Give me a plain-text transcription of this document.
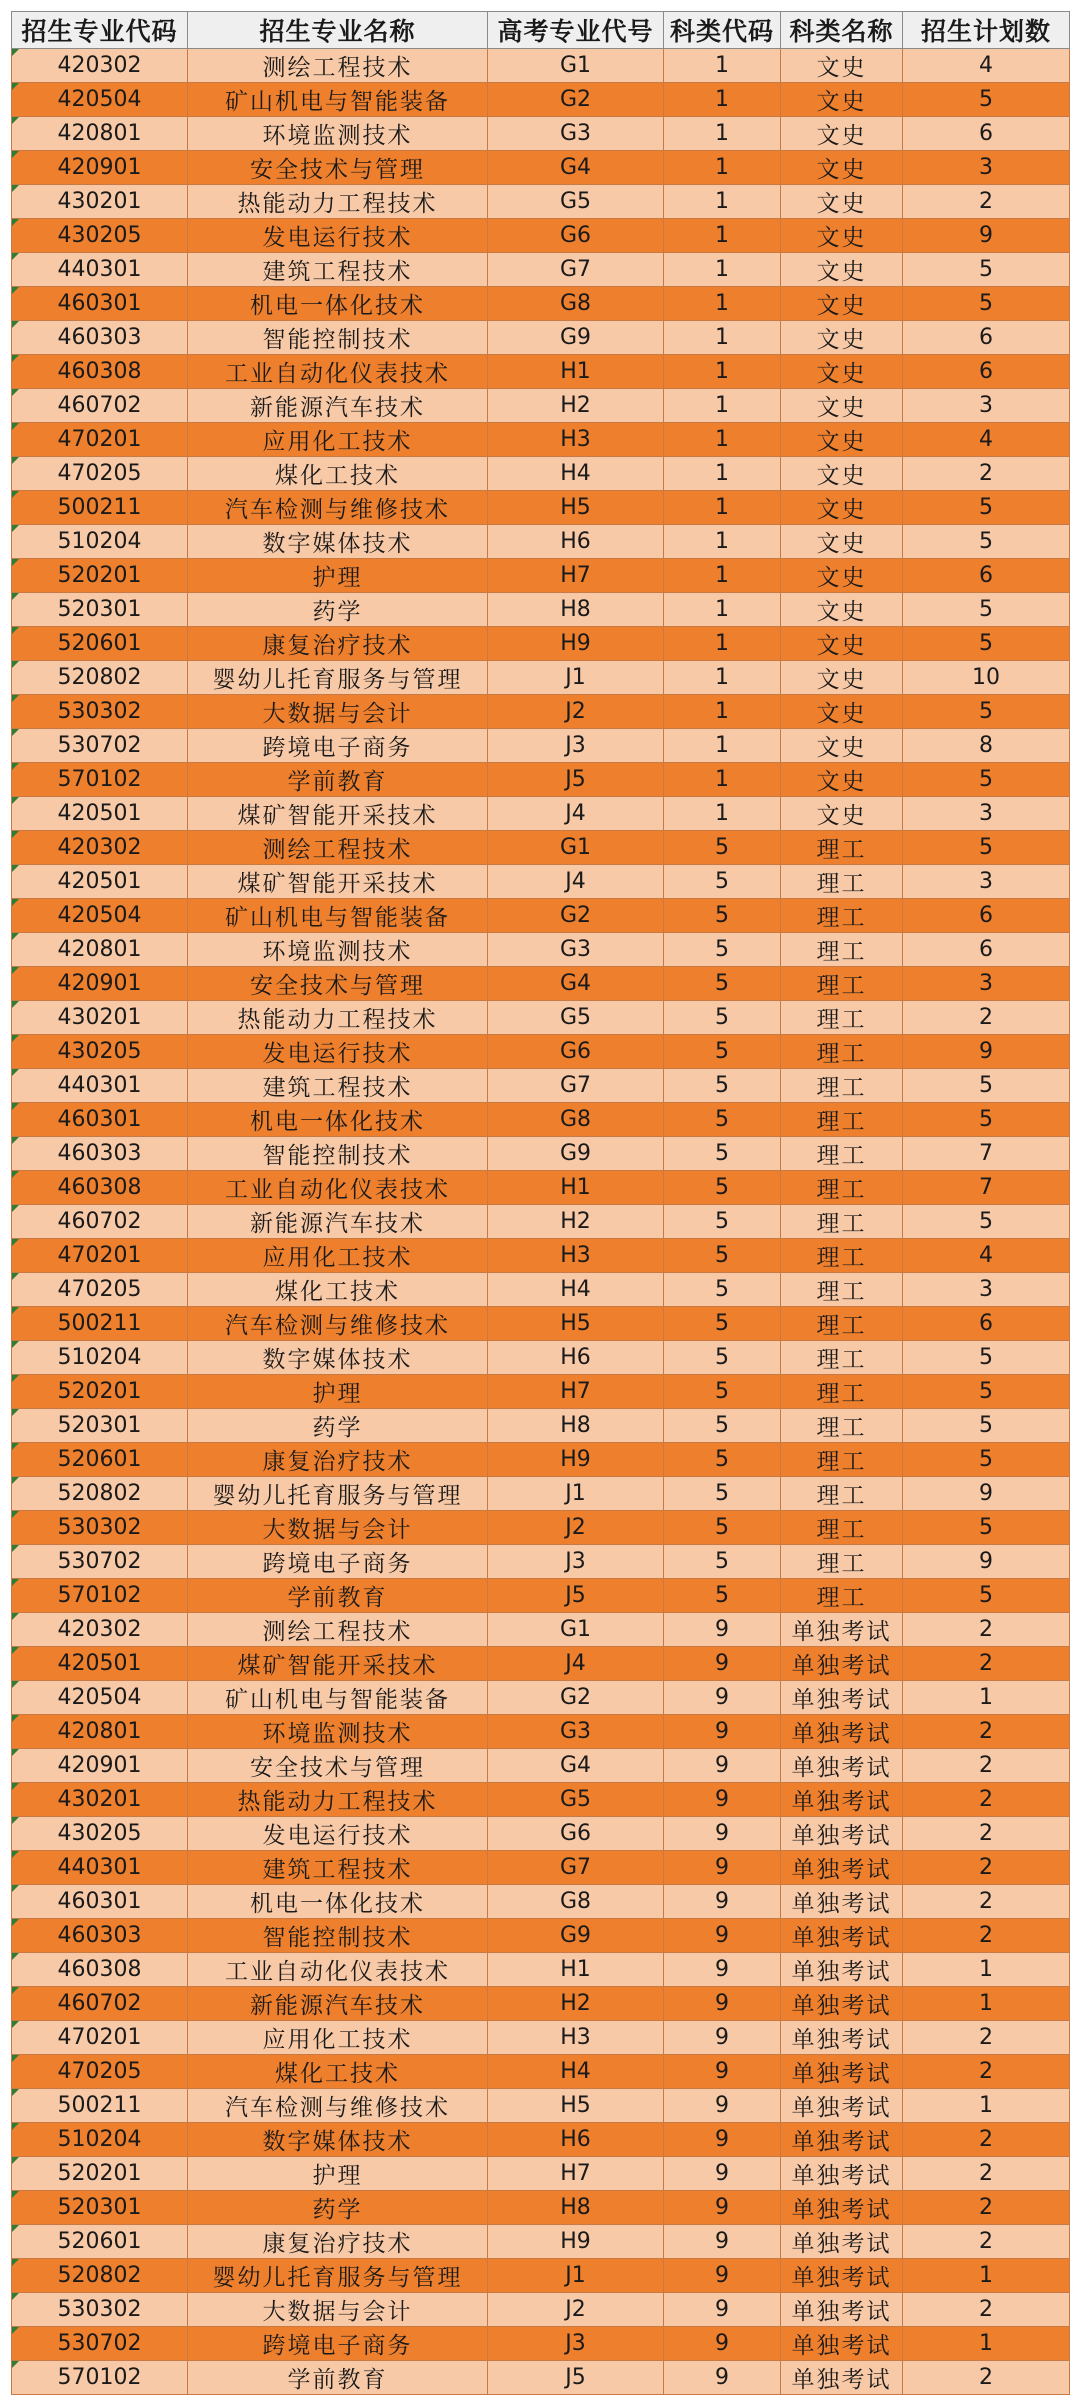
招生专业代码	招生专业名称	高考专业代号	科类代码	科类名称	招生计划数
420302	测绘工程技术	G1	1	文史	4
420504	矿山机电与智能装备	G2	1	文史	5
420801	环境监测技术	G3	1	文史	6
420901	安全技术与管理	G4	1	文史	3
430201	热能动力工程技术	G5	1	文史	2
430205	发电运行技术	G6	1	文史	9
440301	建筑工程技术	G7	1	文史	5
460301	机电一体化技术	G8	1	文史	5
460303	智能控制技术	G9	1	文史	6
460308	工业自动化仪表技术	H1	1	文史	6
460702	新能源汽车技术	H2	1	文史	3
470201	应用化工技术	H3	1	文史	4
470205	煤化工技术	H4	1	文史	2
500211	汽车检测与维修技术	H5	1	文史	5
510204	数字媒体技术	H6	1	文史	5
520201	护理	H7	1	文史	6
520301	药学	H8	1	文史	5
520601	康复治疗技术	H9	1	文史	5
520802	婴幼儿托育服务与管理	J1	1	文史	10
530302	大数据与会计	J2	1	文史	5
530702	跨境电子商务	J3	1	文史	8
570102	学前教育	J5	1	文史	5
420501	煤矿智能开采技术	J4	1	文史	3
420302	测绘工程技术	G1	5	理工	5
420501	煤矿智能开采技术	J4	5	理工	3
420504	矿山机电与智能装备	G2	5	理工	6
420801	环境监测技术	G3	5	理工	6
420901	安全技术与管理	G4	5	理工	3
430201	热能动力工程技术	G5	5	理工	2
430205	发电运行技术	G6	5	理工	9
440301	建筑工程技术	G7	5	理工	5
460301	机电一体化技术	G8	5	理工	5
460303	智能控制技术	G9	5	理工	7
460308	工业自动化仪表技术	H1	5	理工	7
460702	新能源汽车技术	H2	5	理工	5
470201	应用化工技术	H3	5	理工	4
470205	煤化工技术	H4	5	理工	3
500211	汽车检测与维修技术	H5	5	理工	6
510204	数字媒体技术	H6	5	理工	5
520201	护理	H7	5	理工	5
520301	药学	H8	5	理工	5
520601	康复治疗技术	H9	5	理工	5
520802	婴幼儿托育服务与管理	J1	5	理工	9
530302	大数据与会计	J2	5	理工	5
530702	跨境电子商务	J3	5	理工	9
570102	学前教育	J5	5	理工	5
420302	测绘工程技术	G1	9	单独考试	2
420501	煤矿智能开采技术	J4	9	单独考试	2
420504	矿山机电与智能装备	G2	9	单独考试	1
420801	环境监测技术	G3	9	单独考试	2
420901	安全技术与管理	G4	9	单独考试	2
430201	热能动力工程技术	G5	9	单独考试	2
430205	发电运行技术	G6	9	单独考试	2
440301	建筑工程技术	G7	9	单独考试	2
460301	机电一体化技术	G8	9	单独考试	2
460303	智能控制技术	G9	9	单独考试	2
460308	工业自动化仪表技术	H1	9	单独考试	1
460702	新能源汽车技术	H2	9	单独考试	1
470201	应用化工技术	H3	9	单独考试	2
470205	煤化工技术	H4	9	单独考试	2
500211	汽车检测与维修技术	H5	9	单独考试	1
510204	数字媒体技术	H6	9	单独考试	2
520201	护理	H7	9	单独考试	2
520301	药学	H8	9	单独考试	2
520601	康复治疗技术	H9	9	单独考试	2
520802	婴幼儿托育服务与管理	J1	9	单独考试	1
530302	大数据与会计	J2	9	单独考试	2
530702	跨境电子商务	J3	9	单独考试	1
570102	学前教育	J5	9	单独考试	2
